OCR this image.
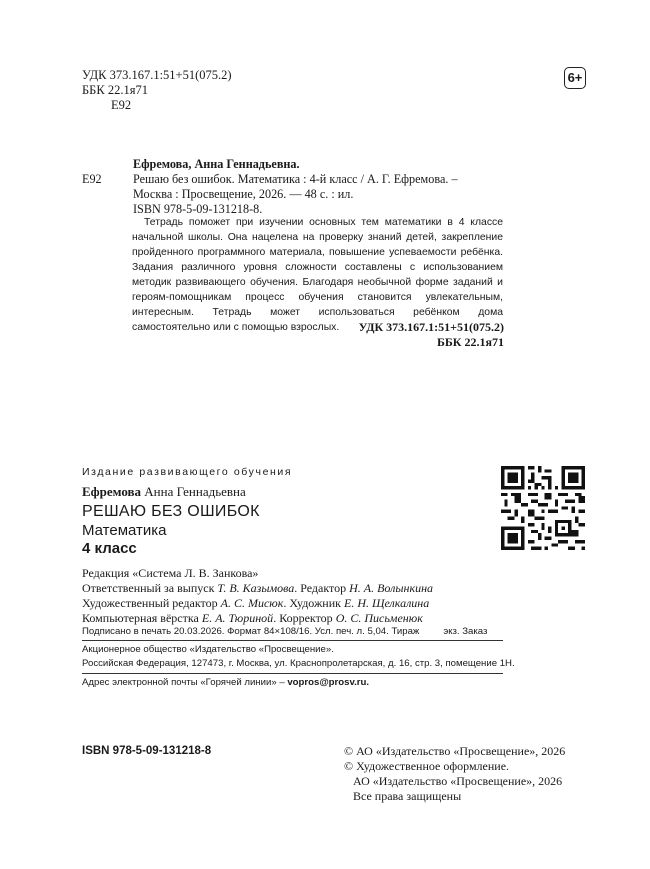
УДК 373.167.1:51+51(075.2)
ББК 22.1я71
Е92
6+
Ефремова, Анна Геннадьевна.
Е92	Решаю без ошибок. Математика : 4-й класс / А. Г. Ефремова. –
Москва : Просвещение, 2026. — 48 с. : ил.
ISBN 978-5-09-131218-8.

Тетрадь поможет при изучении основных тем математики в 4 классе начальной школы. Она нацелена на проверку знаний детей, закрепление пройденного программного материала, повышение успеваемости ребёнка. Задания различного уровня сложности составлены с использованием методик развивающего обучения. Благодаря необычной форме заданий и героям-помощникам процесс обучения становится увлекательным, интересным. Тетрадь может использоваться ребёнком дома самостоятельно или с помощью взрослых.	УДК 373.167.1:51+51(075.2)
ББК 22.1я71
Издание развивающего обучения
Ефремова Анна Геннадьевна
РЕШАЮ БЕЗ ОШИБОК
Математика
4 класс
Редакция «Система Л. В. Занкова»
Ответственный за выпуск Т. В. Казымова. Редактор Н. А. Волынкина
Художественный редактор А. С. Мисюк. Художник Е. Н. Щелкалина
Компьютерная вёрстка Е. А. Тюриной. Корректор О. С. Письменюк
Подписано в печать 20.03.2026. Формат 84×108/16. Усл. печ. л. 5,04. Тираж         экз. Заказ
Акционерное общество «Издательство «Просвещение».
Российская Федерация, 127473, г. Москва, ул. Краснопролетарская, д. 16, стр. 3, помещение 1Н.
Адрес электронной почты «Горячей линии» – vopros@prosv.ru.
ISBN 978-5-09-131218-8	© АО «Издательство «Просвещение», 2026
© Художественное оформление.
АО «Издательство «Просвещение», 2026
Все права защищены
